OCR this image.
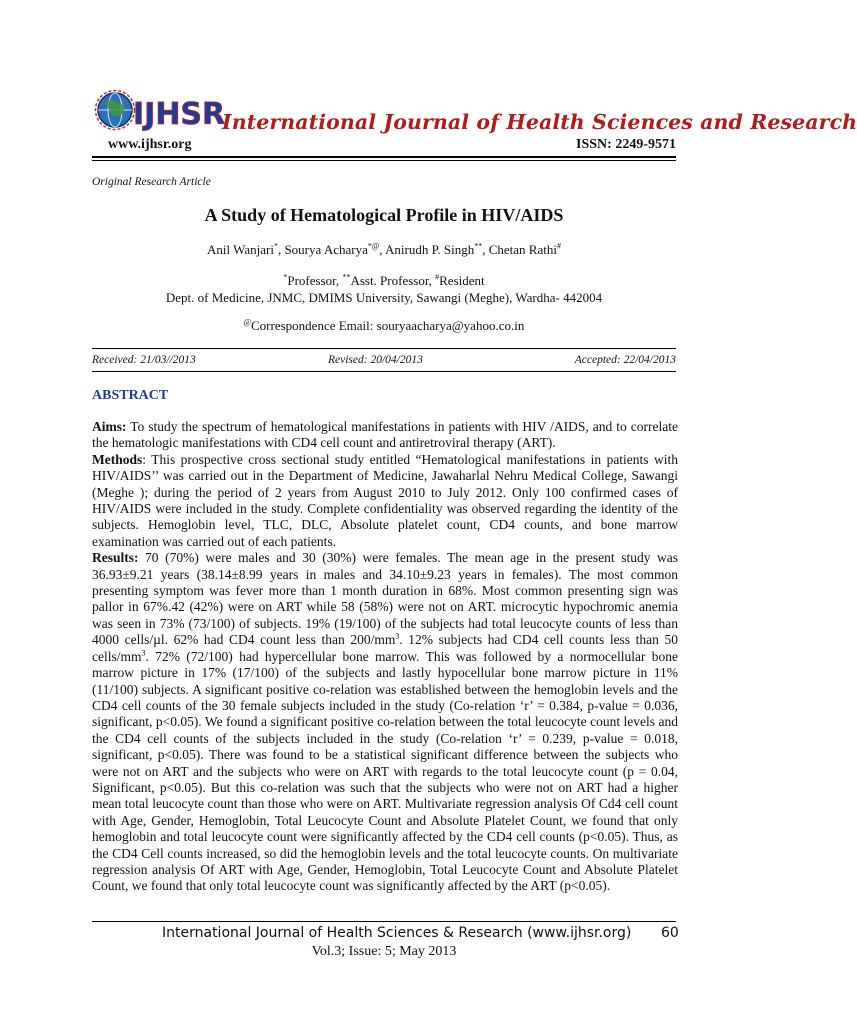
IJHSR
International Journal of Health Sciences and Research
www.ijhsr.org	ISSN: 2249-9571
Original Research Article
A Study of Hematological Profile in HIV/AIDS
Anil Wanjari*, Sourya Acharya*@, Anirudh P. Singh**, Chetan Rathi#
*Professor, **Asst. Professor, #Resident
Dept. of Medicine, JNMC, DMIMS University, Sawangi (Meghe), Wardha- 442004
@Correspondence Email: souryaacharya@yahoo.co.in
Received: 21/03//2013	Revised: 20/04/2013	Accepted: 22/04/2013
ABSTRACT

Aims: To study the spectrum of hematological manifestations in patients with HIV /AIDS, and to correlate the hematologic manifestations with CD4 cell count and antiretroviral therapy (ART).

Methods: This prospective cross sectional study entitled “Hematological manifestations in patients with HIV/AIDS’’ was carried out in the Department of Medicine, Jawaharlal Nehru Medical College, Sawangi (Meghe ); during the period of 2 years from August 2010 to July 2012. Only 100 confirmed cases of HIV/AIDS were included in the study. Complete confidentiality was observed regarding the identity of the subjects. Hemoglobin level, TLC, DLC, Absolute platelet count, CD4 counts, and bone marrow examination was carried out of each patients.

Results: 70 (70%) were males and 30 (30%) were females. The mean age in the present study was 36.93±9.21 years (38.14±8.99 years in males and 34.10±9.23 years in females). The most common presenting symptom was fever more than 1 month duration in 68%. Most common presenting sign was pallor in 67%.42 (42%) were on ART while 58 (58%) were not on ART. microcytic hypochromic anemia was seen in 73% (73/100) of subjects. 19% (19/100) of the subjects had total leucocyte counts of less than 4000 cells/µl. 62% had CD4 count less than $200/mm^3$. 12% subjects had CD4 cell counts less than 50 cells/$mm^3$. 72% (72/100) had hypercellular bone marrow. This was followed by a normocellular bone marrow picture in 17% (17/100) of the subjects and lastly hypocellular bone marrow picture in 11% (11/100) subjects. A significant positive co-relation was established between the hemoglobin levels and the CD4 cell counts of the 30 female subjects included in the study (Co-relation ‘r’ = 0.384, p-value = 0.036, significant, p<0.05). We found a significant positive co-relation between the total leucocyte count levels and the CD4 cell counts of the subjects included in the study (Co-relation ‘r’ = 0.239, p-value = 0.018, significant, p<0.05). There was found to be a statistical significant difference between the subjects who were not on ART and the subjects who were on ART with regards to the total leucocyte count (p = 0.04, Significant, p<0.05). But this co-relation was such that the subjects who were not on ART had a higher mean total leucocyte count than those who were on ART. Multivariate regression analysis Of Cd4 cell count with Age, Gender, Hemoglobin, Total Leucocyte Count and Absolute Platelet Count, we found that only hemoglobin and total leucocyte count were significantly affected by the CD4 cell counts (p<0.05). Thus, as the CD4 Cell counts increased, so did the hemoglobin levels and the total leucocyte counts. On multivariate regression analysis Of ART with Age, Gender, Hemoglobin, Total Leucocyte Count and Absolute Platelet Count, we found that only total leucocyte count was significantly affected by the ART (p<0.05).

International Journal of Health Sciences & Research (www.ijhsr.org) 60
Vol.3; Issue: 5; May 2013
